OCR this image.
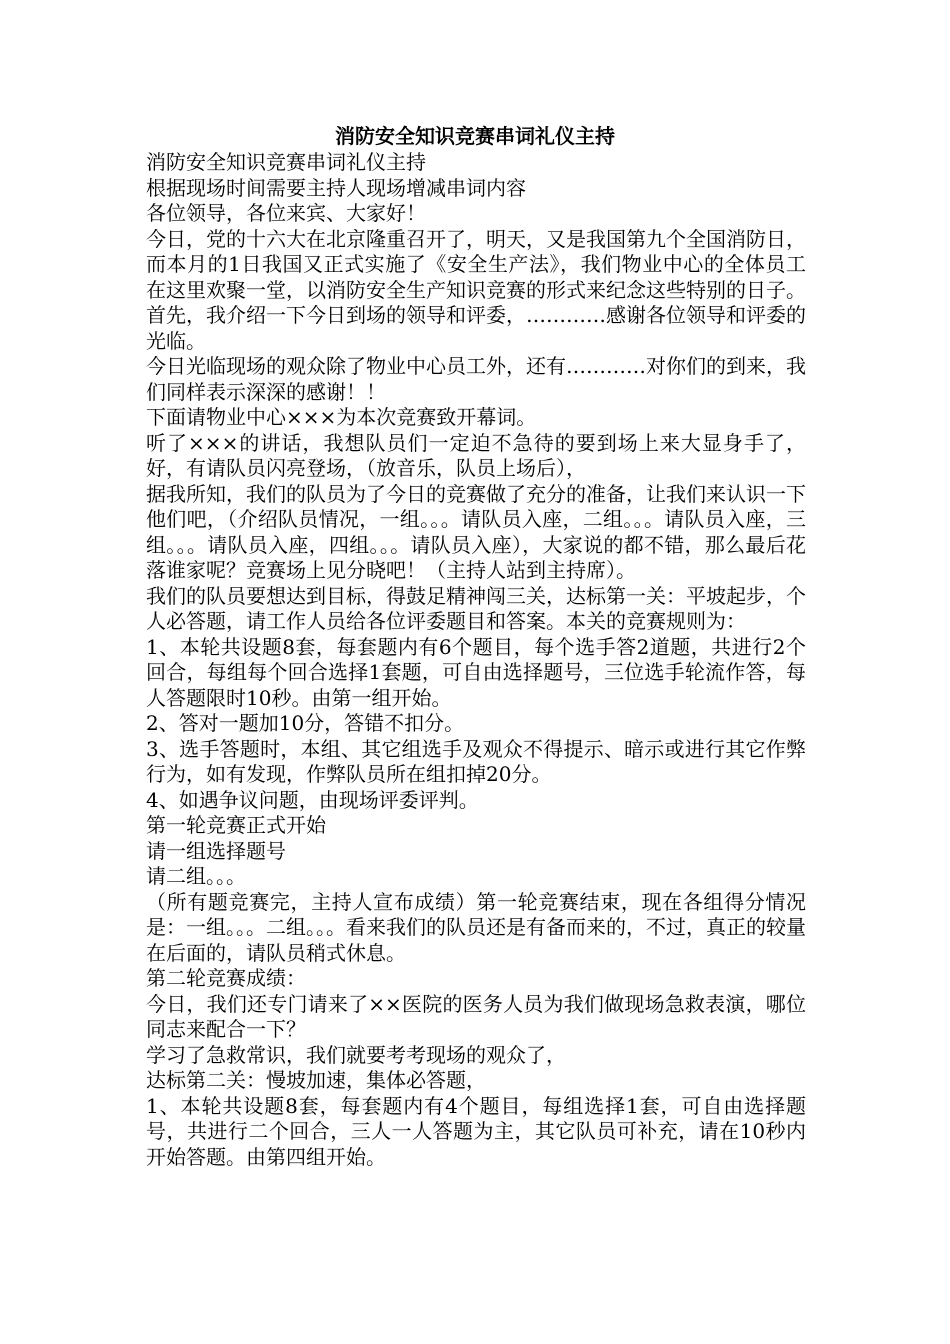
消防安全知识竞赛串词礼仪主持

消防安全知识竞赛串词礼仪主持

根据现场时间需要主持人现场增减串词内容

各位领导，各位来宾、大家好！

今日，党的十六大在北京隆重召开了，明天，又是我国第九个全国消防日，而本月的1日我国又正式实施了《安全生产法》，我们物业中心的全体员工在这里欢聚一堂，以消防安全生产知识竞赛的形式来纪念这些特别的日子。

首先，我介绍一下今日到场的领导和评委，…………感谢各位领导和评委的光临。

今日光临现场的观众除了物业中心员工外，还有…………对你们的到来，我们同样表示深深的感谢！！

下面请物业中心×××为本次竞赛致开幕词。

听了×××的讲话，我想队员们一定迫不急待的要到场上来大显身手了，好，有请队员闪亮登场，（放音乐，队员上场后），

据我所知，我们的队员为了今日的竞赛做了充分的准备，让我们来认识一下他们吧，（介绍队员情况，一组。。。请队员入座，二组。。。请队员入座，三组。。。请队员入座，四组。。。请队员入座），大家说的都不错，那么最后花落谁家呢？竞赛场上见分晓吧！（主持人站到主持席）。

我们的队员要想达到目标，得鼓足精神闯三关，达标第一关：平坡起步，个人必答题，请工作人员给各位评委题目和答案。本关的竞赛规则为：

1、本轮共设题8套，每套题内有6个题目，每个选手答2道题，共进行2个回合，每组每个回合选择1套题，可自由选择题号，三位选手轮流作答，每人答题限时10秒。由第一组开始。

2、答对一题加10分，答错不扣分。

3、选手答题时，本组、其它组选手及观众不得提示、暗示或进行其它作弊行为，如有发现，作弊队员所在组扣掉20分。

4、如遇争议问题，由现场评委评判。

第一轮竞赛正式开始

请一组选择题号

请二组。。。

（所有题竞赛完，主持人宣布成绩）第一轮竞赛结束，现在各组得分情况是：一组。。。二组。。。看来我们的队员还是有备而来的，不过，真正的较量在后面的，请队员稍式休息。

第二轮竞赛成绩：

今日，我们还专门请来了××医院的医务人员为我们做现场急救表演，哪位同志来配合一下？

学习了急救常识，我们就要考考现场的观众了，

达标第二关：慢坡加速，集体必答题，

1、本轮共设题8套，每套题内有4个题目，每组选择1套，可自由选择题号，共进行二个回合，三人一人答题为主，其它队员可补充，请在10秒内开始答题。由第四组开始。
